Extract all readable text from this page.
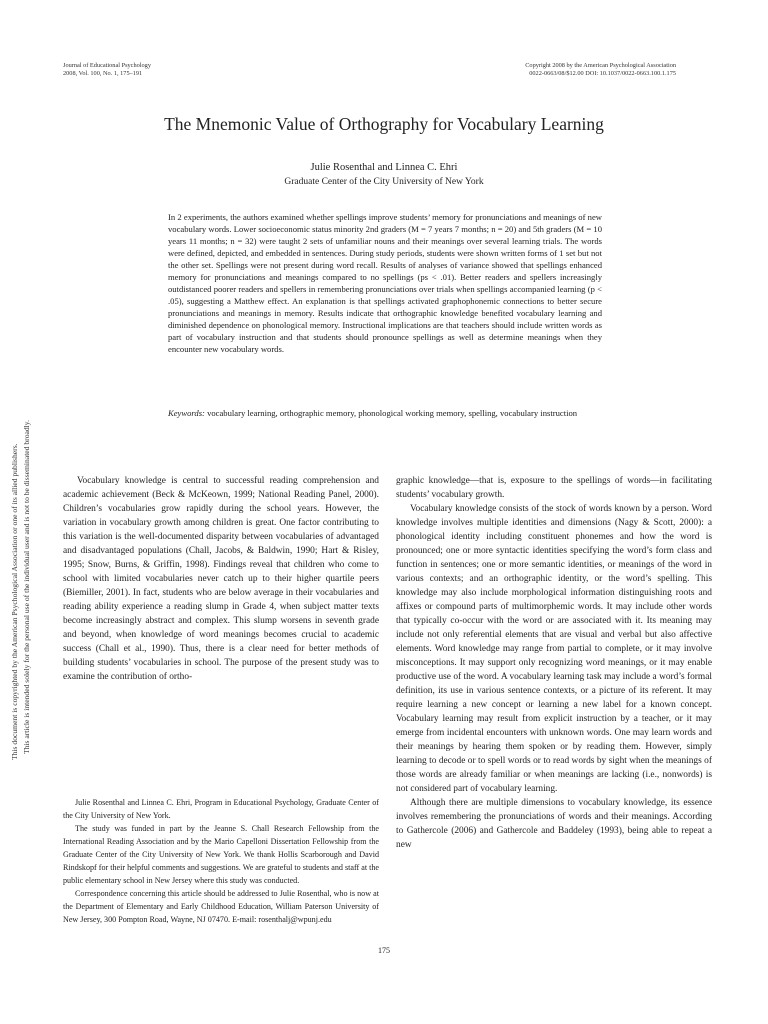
Journal of Educational Psychology
2008, Vol. 100, No. 1, 175–191
Copyright 2008 by the American Psychological Association
0022-0663/08/$12.00 DOI: 10.1037/0022-0663.100.1.175
The Mnemonic Value of Orthography for Vocabulary Learning
Julie Rosenthal and Linnea C. Ehri
Graduate Center of the City University of New York

In 2 experiments, the authors examined whether spellings improve students’ memory for pronunciations and meanings of new vocabulary words. Lower socioeconomic status minority 2nd graders (M = 7 years 7 months; n = 20) and 5th graders (M = 10 years 11 months; n = 32) were taught 2 sets of unfamiliar nouns and their meanings over several learning trials. The words were defined, depicted, and embedded in sentences. During study periods, students were shown written forms of 1 set but not the other set. Spellings were not present during word recall. Results of analyses of variance showed that spellings enhanced memory for pronunciations and meanings compared to no spellings (ps < .01). Better readers and spellers increasingly outdistanced poorer readers and spellers in remembering pronunciations over trials when spellings accompanied learning (p < .05), suggesting a Matthew effect. An explanation is that spellings activated graphophonemic connections to better secure pronunciations and meanings in memory. Results indicate that orthographic knowledge benefited vocabulary learning and diminished dependence on phonological memory. Instructional implications are that teachers should include written words as part of vocabulary instruction and that students should pronounce spellings as well as determine meanings when they encounter new vocabulary words.

Keywords: vocabulary learning, orthographic memory, phonological working memory, spelling, vocabulary instruction

This document is copyrighted by the American Psychological Association or one of its allied publishers. This article is intended solely for the personal use of the individual user and is not to be disseminated broadly.	Vocabulary knowledge is central to successful reading comprehension and academic achievement (Beck & McKeown, 1999; National Reading Panel, 2000). Children’s vocabularies grow rapidly during the school years. However, the variation in vocabulary growth among children is great. One factor contributing to this variation is the well-documented disparity between vocabularies of advantaged and disadvantaged populations (Chall, Jacobs, & Baldwin, 1990; Hart & Risley, 1995; Snow, Burns, & Griffin, 1998). Findings reveal that children who come to school with limited vocabularies never catch up to their higher quartile peers (Biemiller, 2001). In fact, students who are below average in their vocabularies and reading ability experience a reading slump in Grade 4, when subject matter texts become increasingly abstract and complex. This slump worsens in seventh grade and beyond, when knowledge of word meanings becomes crucial to academic success (Chall et al., 1990). Thus, there is a clear need for better methods of building students’ vocabularies in school. The purpose of the present study was to examine the contribution of ortho-

graphic knowledge—that is, exposure to the spellings of words—in facilitating students’ vocabulary growth.

Vocabulary knowledge consists of the stock of words known by a person. Word knowledge involves multiple identities and dimensions (Nagy & Scott, 2000): a phonological identity including constituent phonemes and how the word is pronounced; one or more syntactic identities specifying the word’s form class and function in sentences; one or more semantic identities, or meanings of the word in various contexts; and an orthographic identity, or the word’s spelling. This knowledge may also include morphological information distinguishing roots and affixes or compound parts of multimorphemic words. It may include other words that typically co-occur with the word or are associated with it. Its meaning may include not only referential elements that are visual and verbal but also affective elements. Word knowledge may range from partial to complete, or it may involve misconceptions. It may support only recognizing word meanings, or it may enable productive use of the word. A vocabulary learning task may include a word’s formal definition, its use in various sentence contexts, or a picture of its referent. It may require learning a new concept or learning a new label for a known concept. Vocabulary learning may result from explicit instruction by a teacher, or it may emerge from incidental encounters with unknown words. One may learn words and their meanings by hearing them spoken or by reading them. However, simply learning to decode or to spell words or to read words by sight when the meanings of those words are already familiar or when meanings are lacking (i.e., nonwords) is not considered part of vocabulary learning.

Although there are multiple dimensions to vocabulary knowledge, its essence involves remembering the pronunciations of words and their meanings. According to Gathercole (2006) and Gathercole and Baddeley (1993), being able to repeat a new

Julie Rosenthal and Linnea C. Ehri, Program in Educational Psychology, Graduate Center of the City University of New York.

The study was funded in part by the Jeanne S. Chall Research Fellowship from the International Reading Association and by the Mario Capelloni Dissertation Fellowship from the Graduate Center of the City University of New York. We thank Hollis Scarborough and David Rindskopf for their helpful comments and suggestions. We are grateful to students and staff at the public elementary school in New Jersey where this study was conducted.

Correspondence concerning this article should be addressed to Julie Rosenthal, who is now at the Department of Elementary and Early Childhood Education, William Paterson University of New Jersey, 300 Pompton Road, Wayne, NJ 07470. E-mail: rosenthalj@wpunj.edu

175
